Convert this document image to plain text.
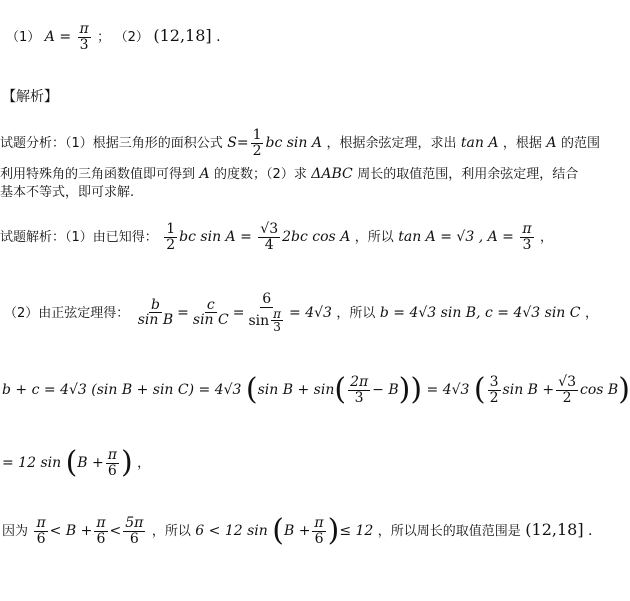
（1） $A = \frac{\pi}{3}$ ； （2） (12,18] .
【解析】
试题分析：（1）根据三角形的面积公式 $S= \frac{1}{2}$ bc sin A ，根据余弦定理，求出 tan A ，根据 A 的范围
利用特殊角的三角函数值即可得到 A 的度数；（2）求 ΔABC 周长的取值范围，利用余弦定理，结合
基本不等式，即可求解.
试题解析：（1）由已知得： $\frac{1}{2}$ bc $\sin A = \frac{√3}{4} 2bc$ cos A ，所以 tan A = √3 , $A = \frac{\pi}{3}$ ，
（2）由正弦定理得： $\frac{b}{\text{sin B}} = \frac{c}{\text{sin C}} = \frac{6}{\sin \frac{\pi}{3}} = 4√3$ ，所以 b = 4√3 sin B, c = 4√3 sin C ，
b + c = 4√3 (sin B + sin C) = 4√3 (sin $B + \sin( \frac{2\pi}{3} - B)) = 4√3$ ( $\frac{3}{2}$ $\sin B + \frac{√3}{2}$ cos B)
= 12 $\sin (B + \frac{\pi}{6}$ ) ，
因为 $\frac{\pi}{6} < B + \frac{\pi}{6} < \frac{5\pi}{6}$ ，所以 6 < 12 $\sin (B + \frac{\pi}{6}$ )≤ 12 ，所以周长的取值范围是 (12,18] .
